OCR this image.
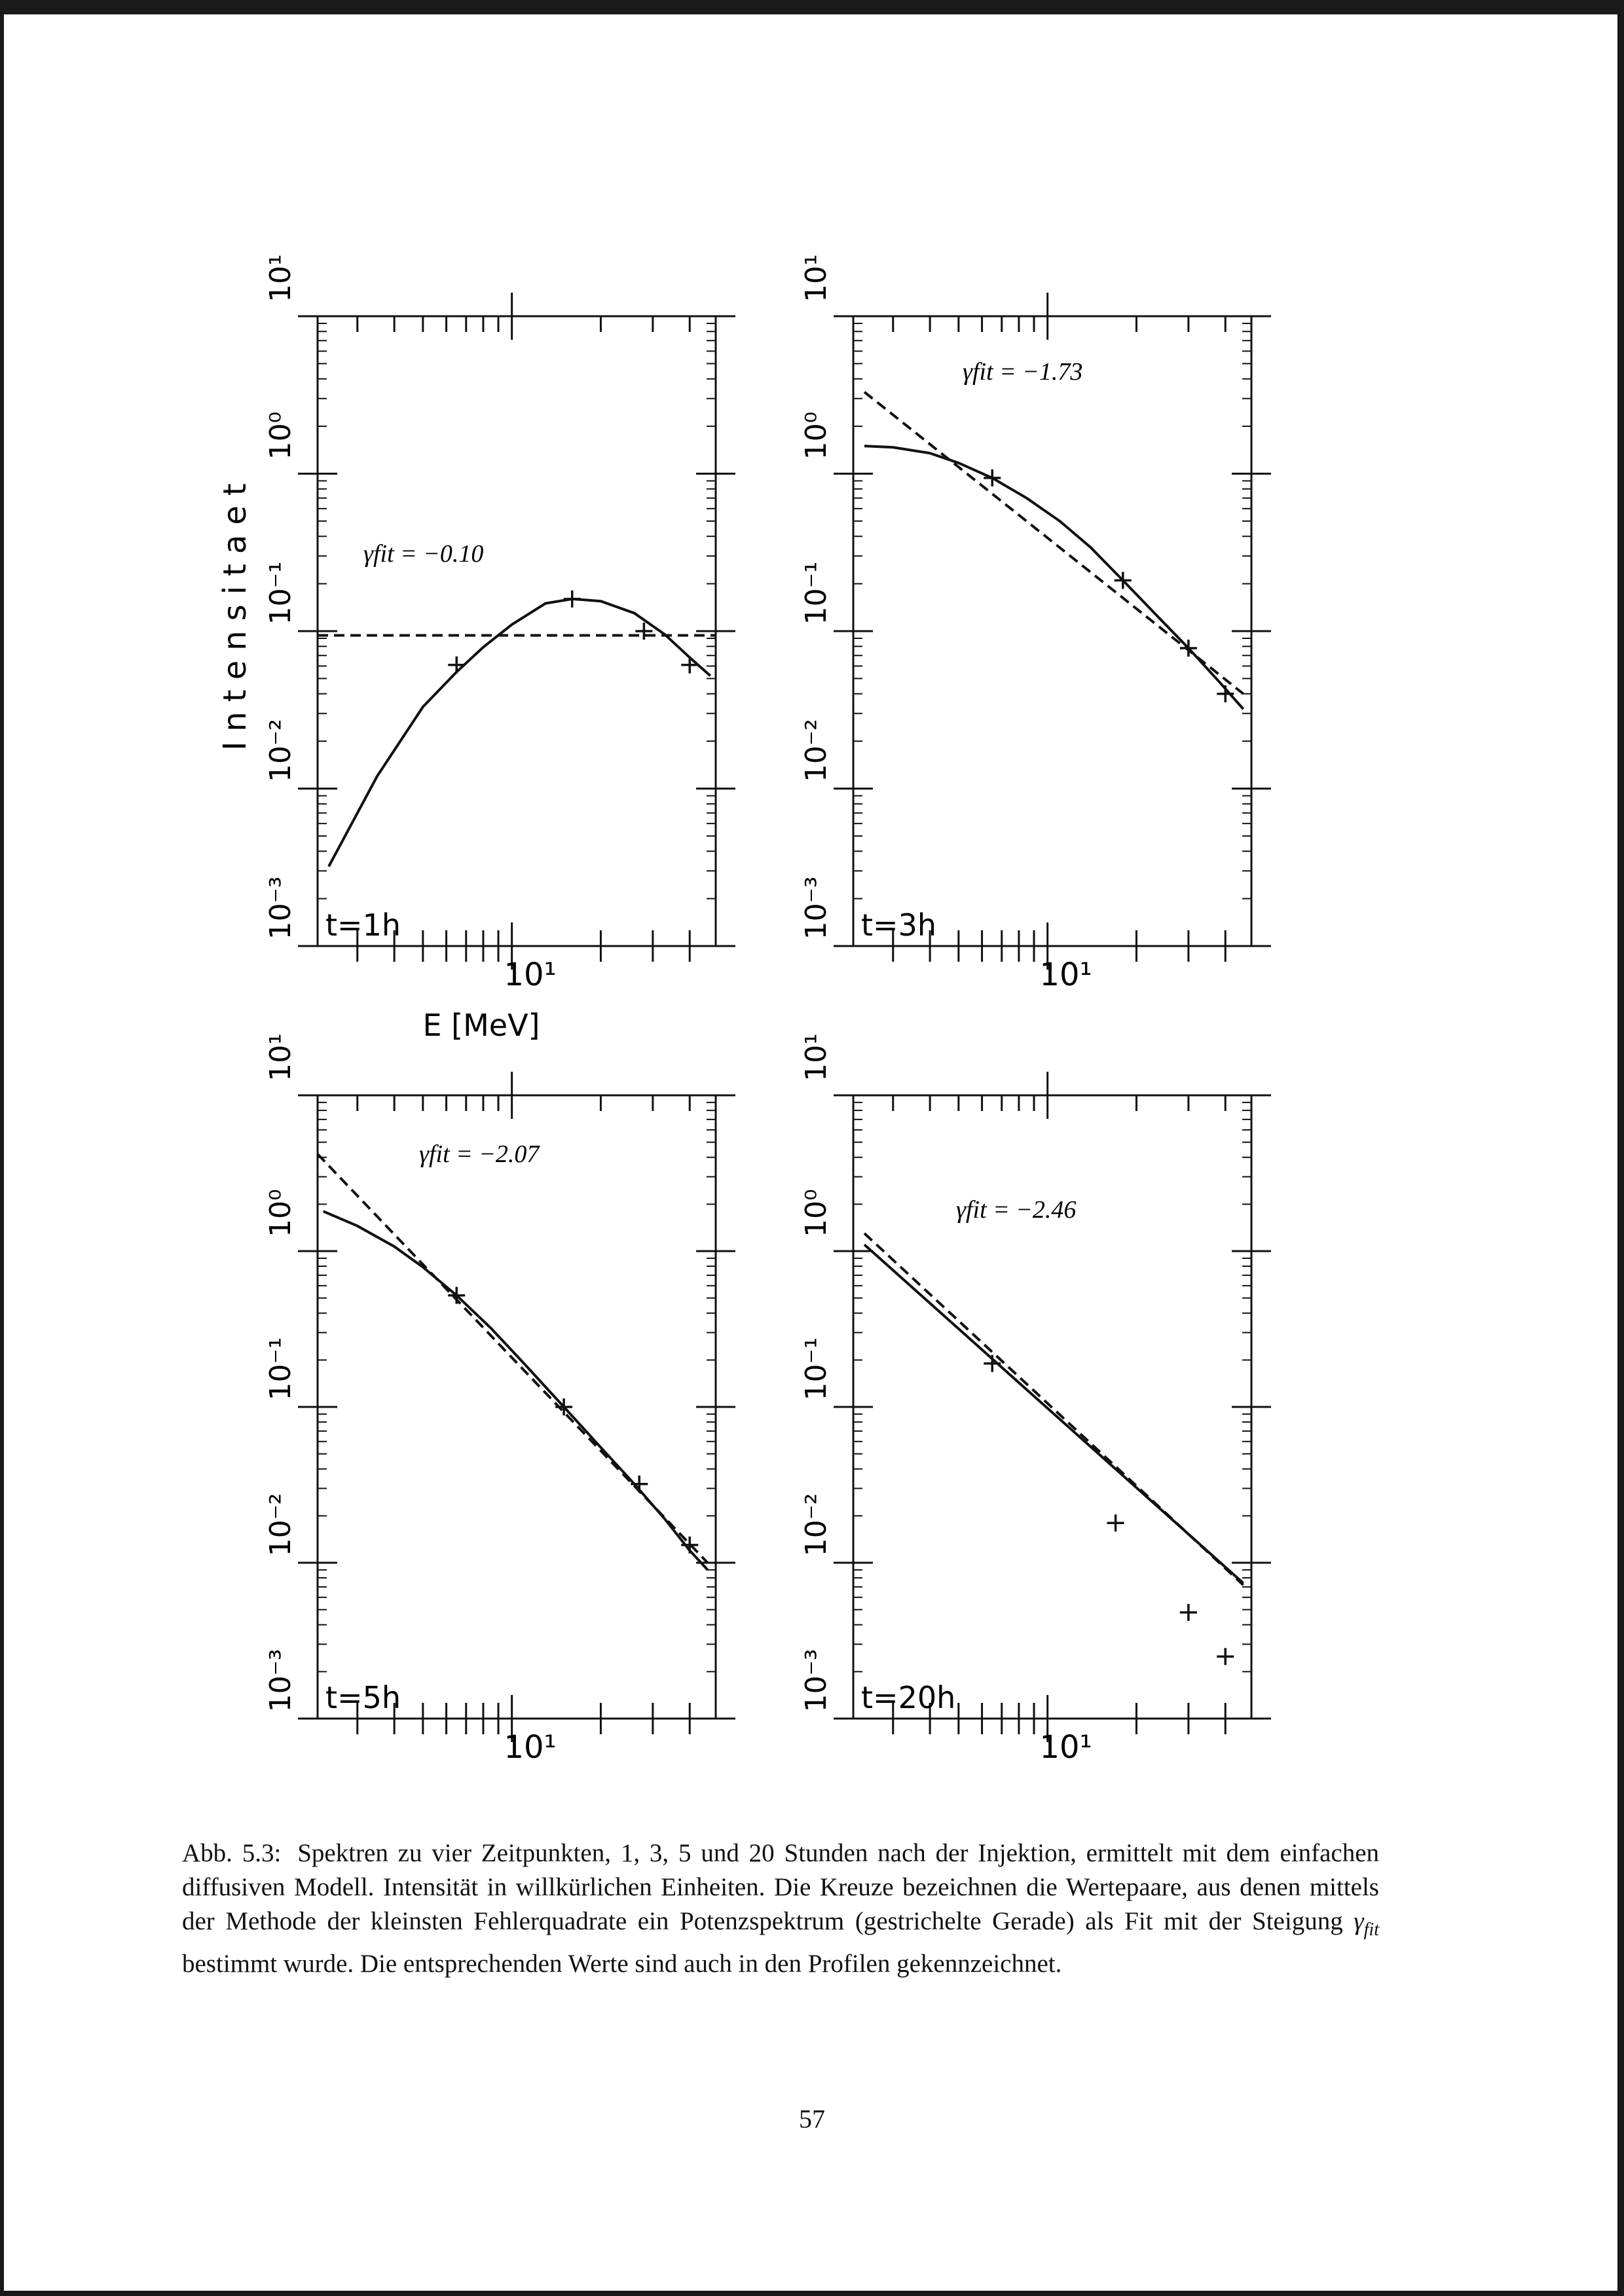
E [MeV]
Intensitaet
10⁻³
10⁻²
10⁻¹
10⁰
10¹
10¹
t=1h
γfit = −0.10
10⁻³
10⁻²
10⁻¹
10⁰
10¹
10¹
t=3h
γfit = −1.73
10⁻³
10⁻²
10⁻¹
10⁰
10¹
10¹
t=5h
γfit = −2.07
10⁻³
10⁻²
10⁻¹
10⁰
10¹
10¹
t=20h
γfit = −2.46
Abb. 5.3: Spektren zu vier Zeitpunkten, 1, 3, 5 und 20 Stunden nach der Injektion, ermittelt mit dem einfachen diffusiven Modell. Intensität in willkürlichen Einheiten. Die Kreuze bezeichnen die Wertepaare, aus denen mittels der Methode der kleinsten Fehlerquadrate ein Potenzspektrum (gestrichelte Gerade) als Fit mit der Steigung $\gamma_{fit}$ bestimmt wurde. Die entsprechenden Werte sind auch in den Profilen gekennzeichnet.
57
